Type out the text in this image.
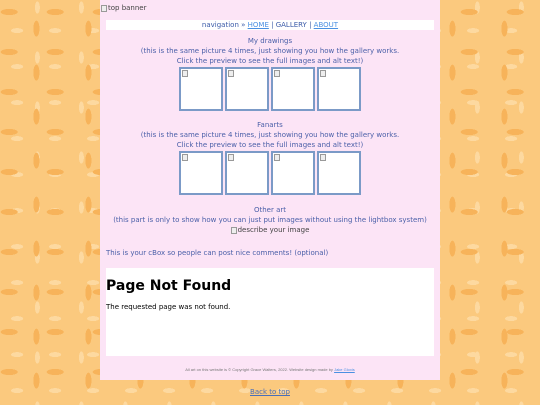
top banner
navigation » HOME | GALLERY | ABOUT
My drawings
(this is the same picture 4 times, just showing you how the gallery works.
Click the preview to see the full images and alt text!)
Fanarts
(this is the same picture 4 times, just showing you how the gallery works.
Click the preview to see the full images and alt text!)
Other art
(this part is only to show how you can just put images without using the lightbox system)
describe your image
This is your cBox so people can post nice comments! (optional)
Page Not Found

The requested page was not found.

All art on this website is © Copyright Grace Walters, 2022. Website design made by Jake Gloxis
Back to top
